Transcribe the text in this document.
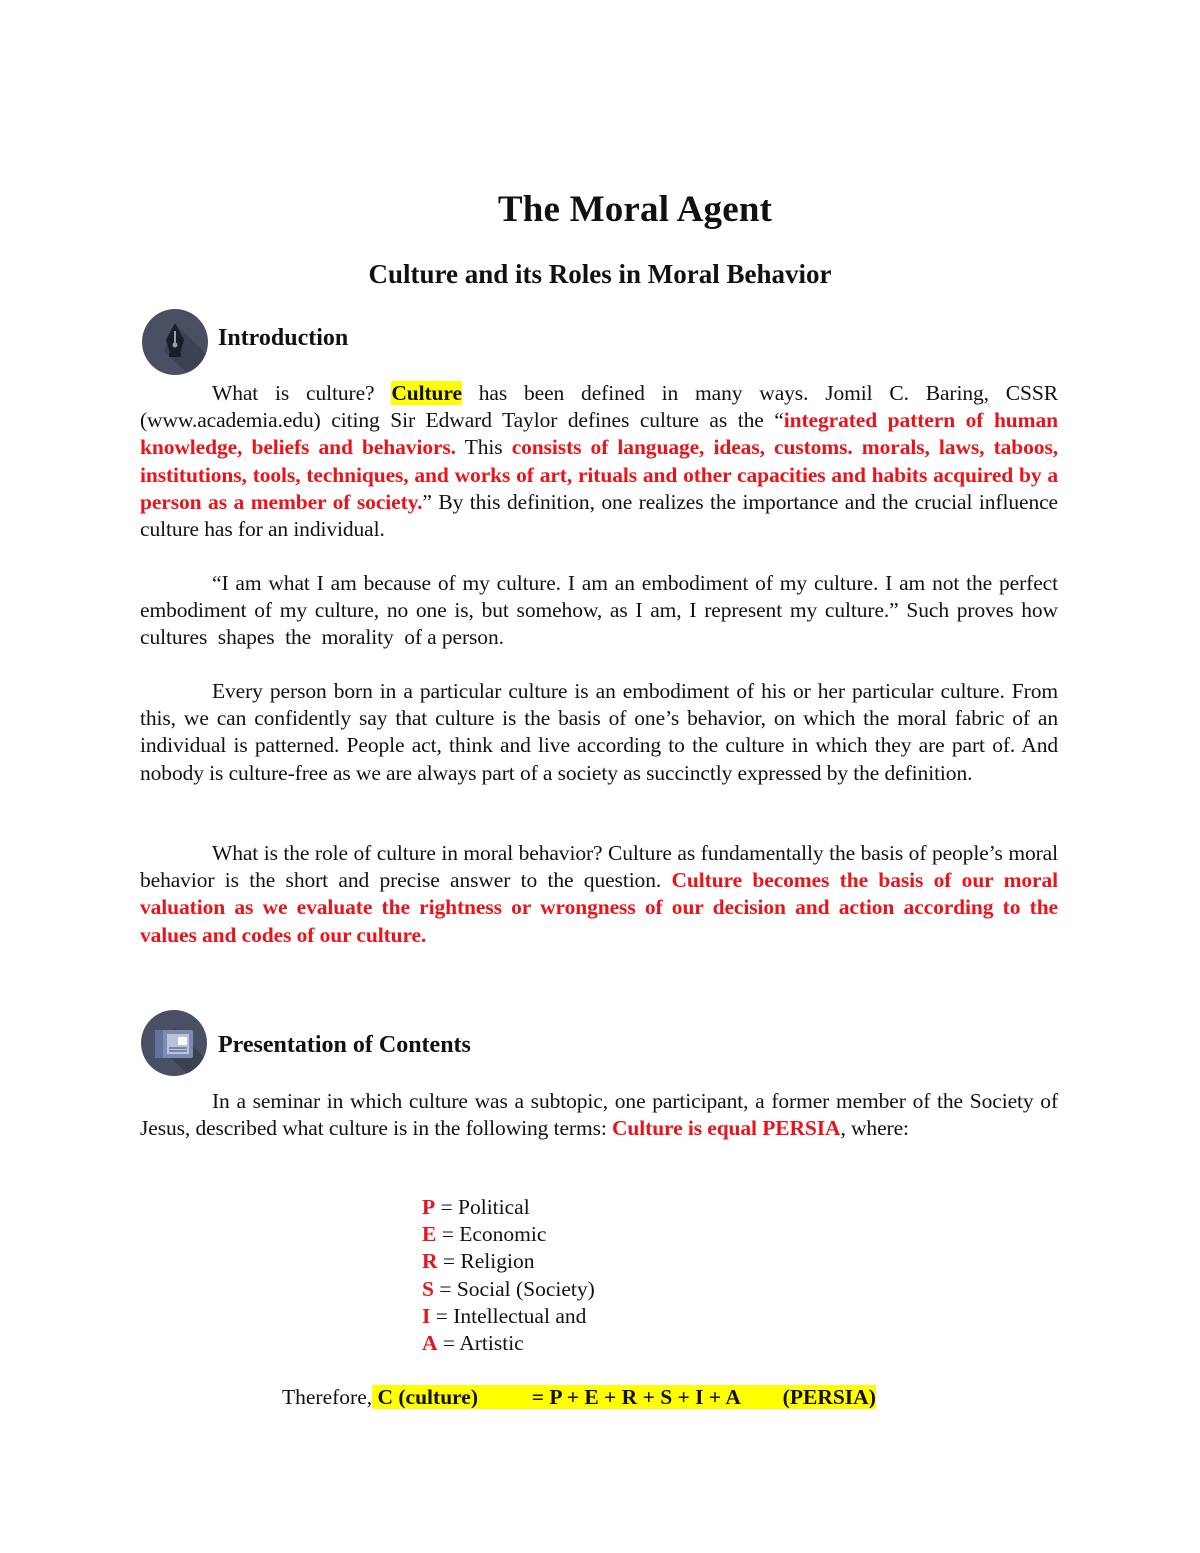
The Moral Agent
Culture and its Roles in Moral Behavior
Introduction
What is culture? Culture has been defined in many ways. Jomil C. Baring, CSSR (www.academia.edu) citing Sir Edward Taylor defines culture as the “integrated pattern of human knowledge, beliefs and behaviors. This consists of language, ideas, customs. morals, laws, taboos, institutions, tools, techniques, and works of art, rituals and other capacities and habits acquired by a person as a member of society.” By this definition, one realizes the importance and the crucial influence culture has for an individual.
“I am what I am because of my culture. I am an embodiment of my culture. I am not the perfect embodiment of my culture, no one is, but somehow, as I am, I represent my culture.” Such proves how  cultures  shapes  the  morality  of a person.
Every person born in a particular culture is an embodiment of his or her particular culture. From this, we can confidently say that culture is the basis of one’s behavior, on which the moral fabric of an individual is patterned. People act, think and live according to the culture in which they are part of. And nobody is culture-free as we are always part of a society as succinctly expressed by the definition.
What is the role of culture in moral behavior? Culture as fundamentally the basis of people’s moral behavior is the short and precise answer to the question. Culture becomes the basis of our moral valuation as we evaluate the rightness or wrongness of our decision and action according to the values and codes of our culture.
Presentation of Contents
In a seminar in which culture was a subtopic, one participant, a former member of the Society of Jesus, described what culture is in the following terms: Culture is equal PERSIA, where:
P = Political
E = Economic
R = Religion
S = Social (Society)
I = Intellectual and
A = Artistic
Therefore, C (culture)          = P + E + R + S + I + A        (PERSIA)
